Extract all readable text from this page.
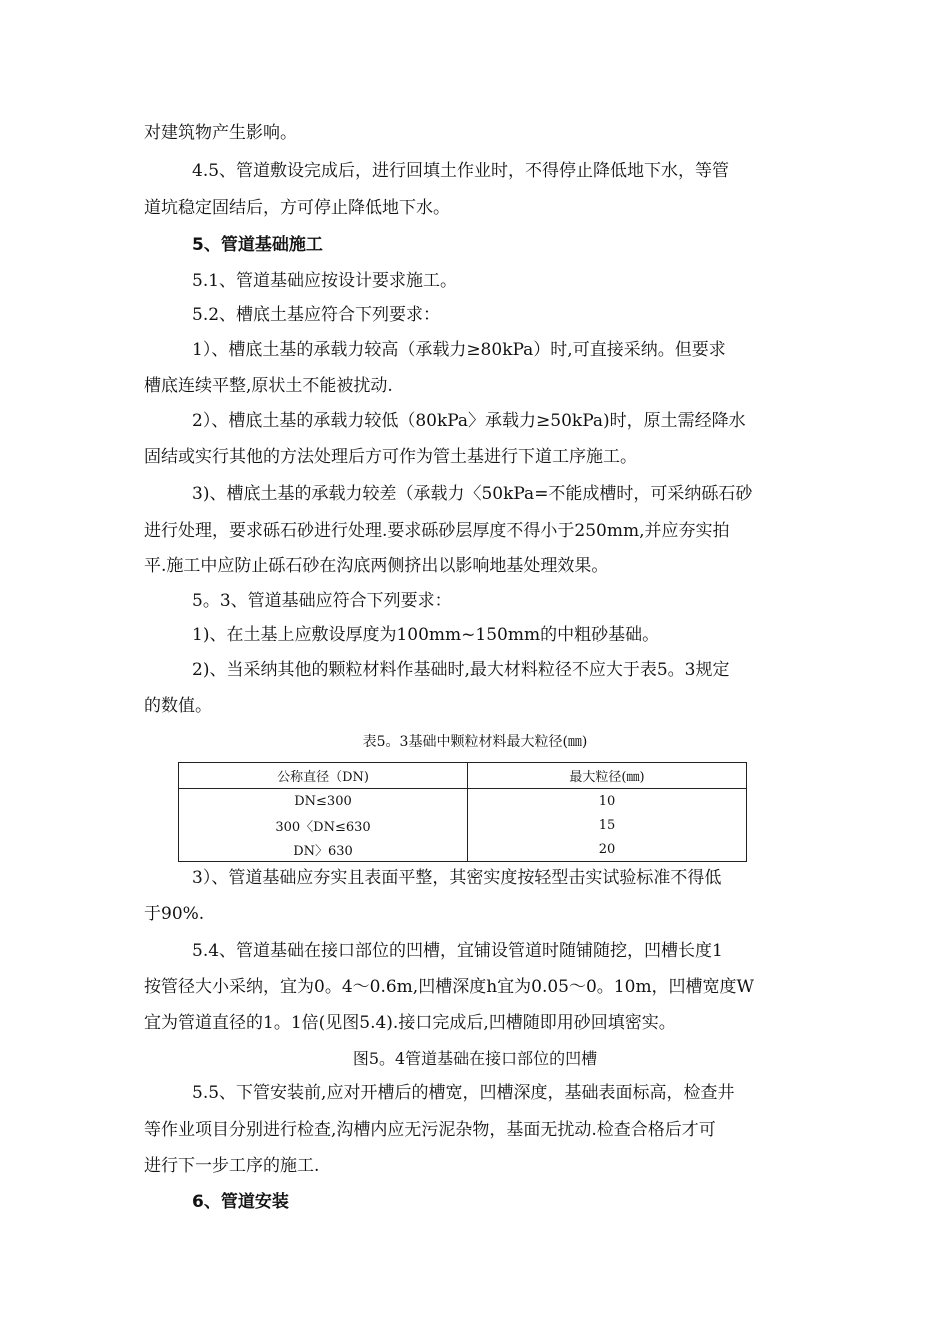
对建筑物产生影响。
4.5、管道敷设完成后，进行回填土作业时，不得停止降低地下水，等管
道坑稳定固结后，方可停止降低地下水。
5、管道基础施工
5.1、管道基础应按设计要求施工。
5.2、槽底土基应符合下列要求：
1）、槽底土基的承载力较高（承载力≥80kPa）时,可直接采纳。但要求
槽底连续平整,原状土不能被扰动.
2）、槽底土基的承载力较低（80kPa〉承载力≥50kPa)时，原土需经降水
固结或实行其他的方法处理后方可作为管土基进行下道工序施工。
3)、槽底土基的承载力较差（承载力〈50kPa=不能成槽时，可采纳砾石砂
进行处理，要求砾石砂进行处理.要求砾砂层厚度不得小于250mm,并应夯实拍
平.施工中应防止砾石砂在沟底两侧挤出以影响地基处理效果。
5。3、管道基础应符合下列要求：
1)、在土基上应敷设厚度为100mm~150mm的中粗砂基础。
2)、当采纳其他的颗粒材料作基础时,最大材料粒径不应大于表5。3规定
的数值。
表5。3基础中颗粒材料最大粒径(㎜)
公称直径（DN)	最大粒径(㎜)
DN≤300	10
300〈DN≤630	15
DN〉630	20
3）、管道基础应夯实且表面平整，其密实度按轻型击实试验标准不得低
于90%.
5.4、管道基础在接口部位的凹槽，宜铺设管道时随铺随挖，凹槽长度1
按管径大小采纳，宜为0。4～0.6m,凹槽深度h宜为0.05～0。10m，凹槽宽度W
宜为管道直径的1。1倍(见图5.4).接口完成后,凹槽随即用砂回填密实。
图5。4管道基础在接口部位的凹槽
5.5、下管安装前,应对开槽后的槽宽，凹槽深度，基础表面标高，检查井
等作业项目分别进行检查,沟槽内应无污泥杂物，基面无扰动.检查合格后才可
进行下一步工序的施工.
6、管道安装
